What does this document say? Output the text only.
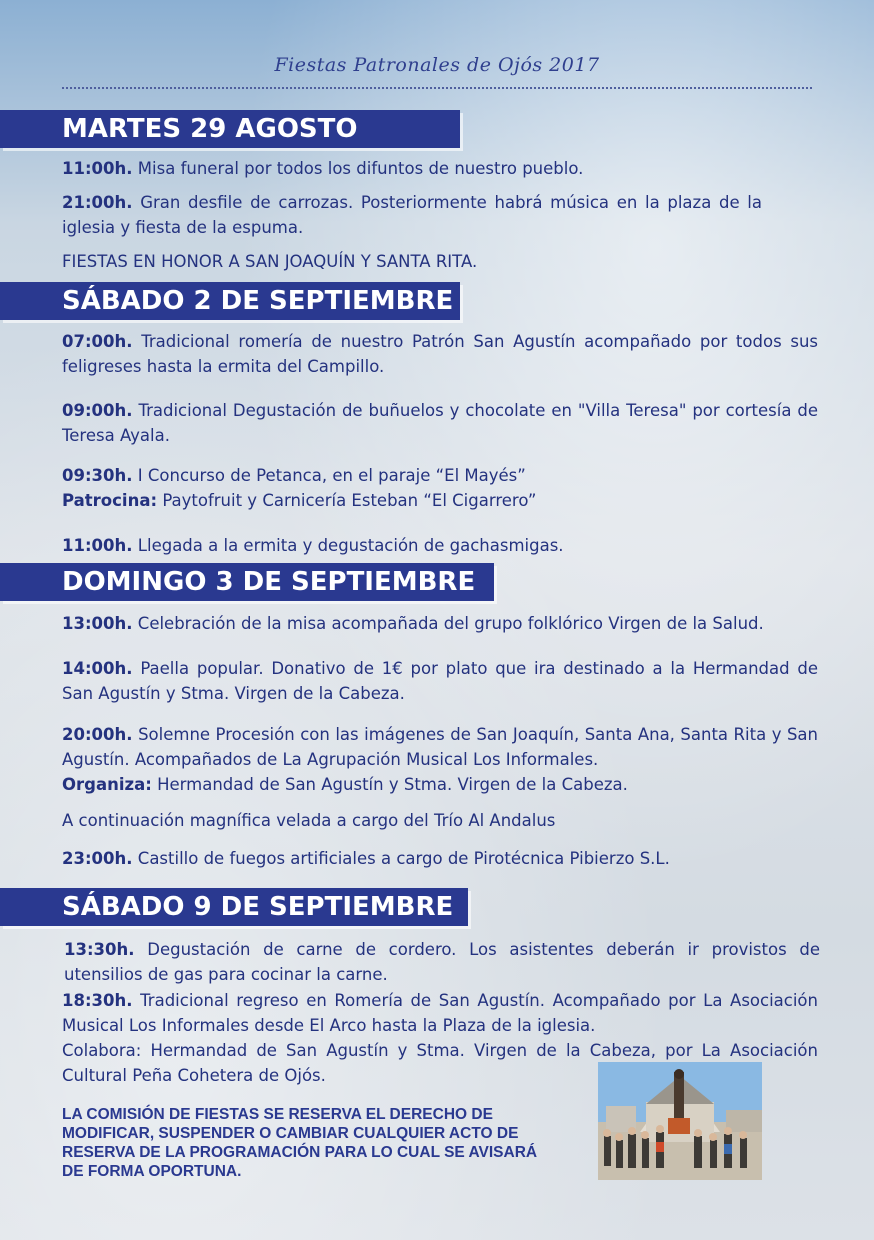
Fiestas Patronales de Ojós 2017
MARTES 29 AGOSTO

11:00h. Misa funeral por todos los difuntos de nuestro pueblo.

21:00h. Gran desfile de carrozas. Posteriormente habrá música en la plaza de la iglesia y fiesta de la espuma.

FIESTAS EN HONOR A SAN JOAQUÍN Y SANTA RITA.

SÁBADO 2 DE SEPTIEMBRE

07:00h. Tradicional romería de nuestro Patrón San Agustín acompañado por todos sus feligreses hasta la ermita del Campillo.

09:00h. Tradicional Degustación de buñuelos y chocolate en "Villa Teresa" por cortesía de Teresa Ayala.

09:30h. I Concurso de Petanca, en el paraje “El Mayés”
Patrocina: Paytofruit y Carnicería Esteban “El Cigarrero”

11:00h. Llegada a la ermita y degustación de gachasmigas.

DOMINGO 3 DE SEPTIEMBRE

13:00h. Celebración de la misa acompañada del grupo folklórico Virgen de la Salud.

14:00h. Paella popular. Donativo de 1€ por plato que ira destinado a la Hermandad de San Agustín y Stma. Virgen de la Cabeza.

20:00h. Solemne Procesión con las imágenes de San Joaquín, Santa Ana, Santa Rita y San Agustín. Acompañados de La Agrupación Musical Los Informales.
Organiza: Hermandad de San Agustín y Stma. Virgen de la Cabeza.

A continuación magnífica velada a cargo del Trío Al Andalus

23:00h. Castillo de fuegos artificiales a cargo de Pirotécnica Pibierzo S.L.

SÁBADO 9 DE SEPTIEMBRE

13:30h. Degustación de carne de cordero. Los asistentes deberán ir provistos de utensilios de gas para cocinar la carne.

18:30h. Tradicional regreso en Romería de San Agustín. Acompañado por La Asociación Musical Los Informales desde El Arco hasta la Plaza de la iglesia.
Colabora: Hermandad de San Agustín y Stma. Virgen de la Cabeza, por La Asociación Cultural Peña Cohetera de Ojós.

LA COMISIÓN DE FIESTAS SE RESERVA EL DERECHO DE MODIFICAR, SUSPENDER O CAMBIAR CUALQUIER ACTO DE RESERVA DE LA PROGRAMACIÓN PARA LO CUAL SE AVISARÁ DE FORMA OPORTUNA.
